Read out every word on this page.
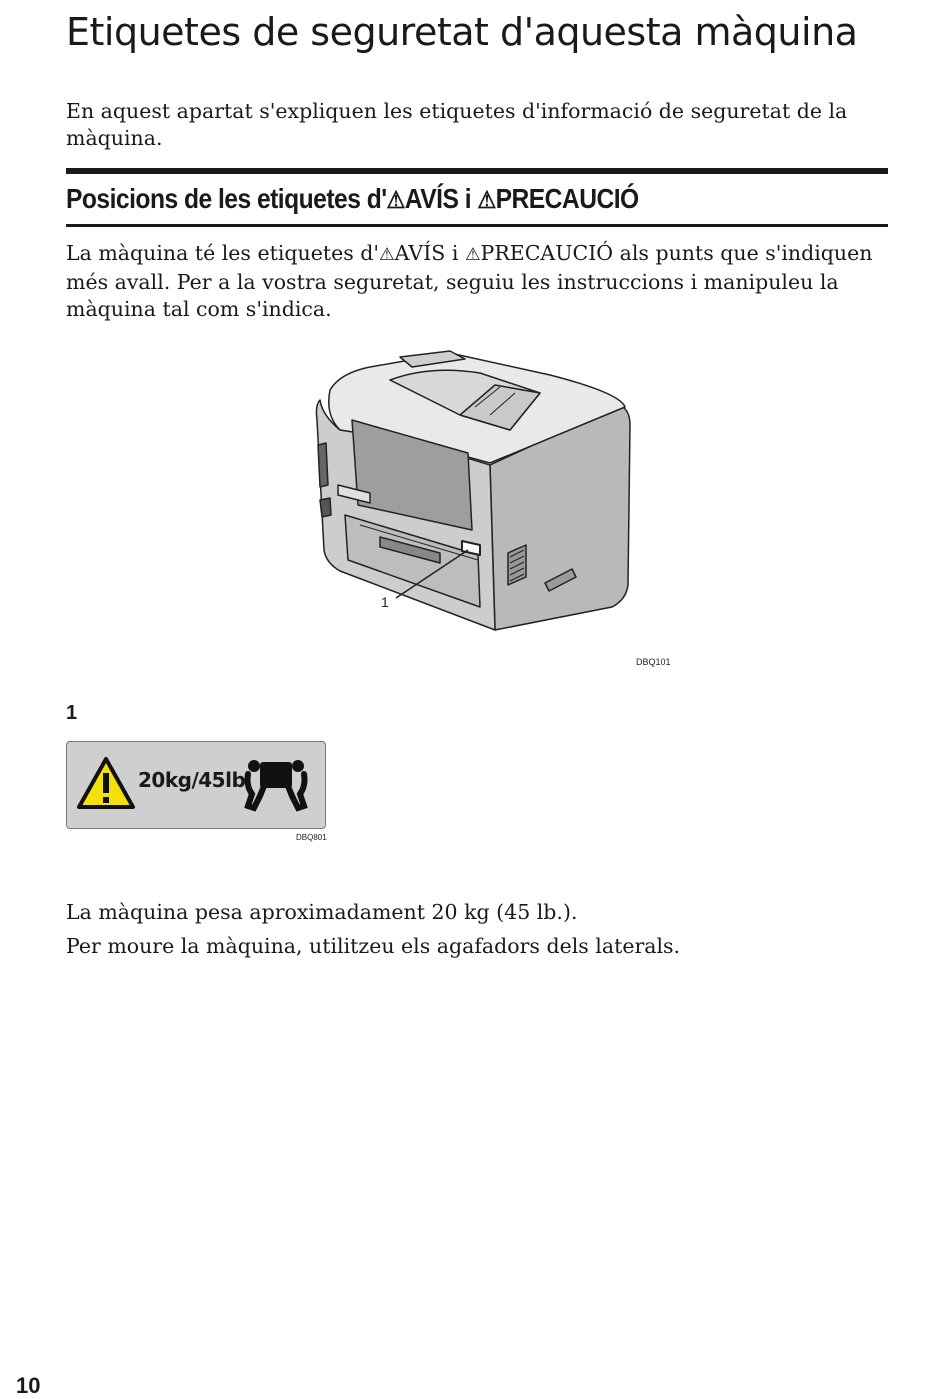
Etiquetes de seguretat d'aquesta màquina

En aquest apartat s'expliquen les etiquetes d'informació de seguretat de la màquina.

Posicions de les etiquetes d'⚠AVÍS i ⚠PRECAUCIÓ

La màquina té les etiquetes d'⚠AVÍS i ⚠PRECAUCIÓ als punts que s'indiquen més avall. Per a la vostra seguretat, seguiu les instruccions i manipuleu la màquina tal com s'indica.

DBQ101
1
1
20kg/45lb
DBQ801

La màquina pesa aproximadament 20 kg (45 lb.).

Per moure la màquina, utilitzeu els agafadors dels laterals.

10
